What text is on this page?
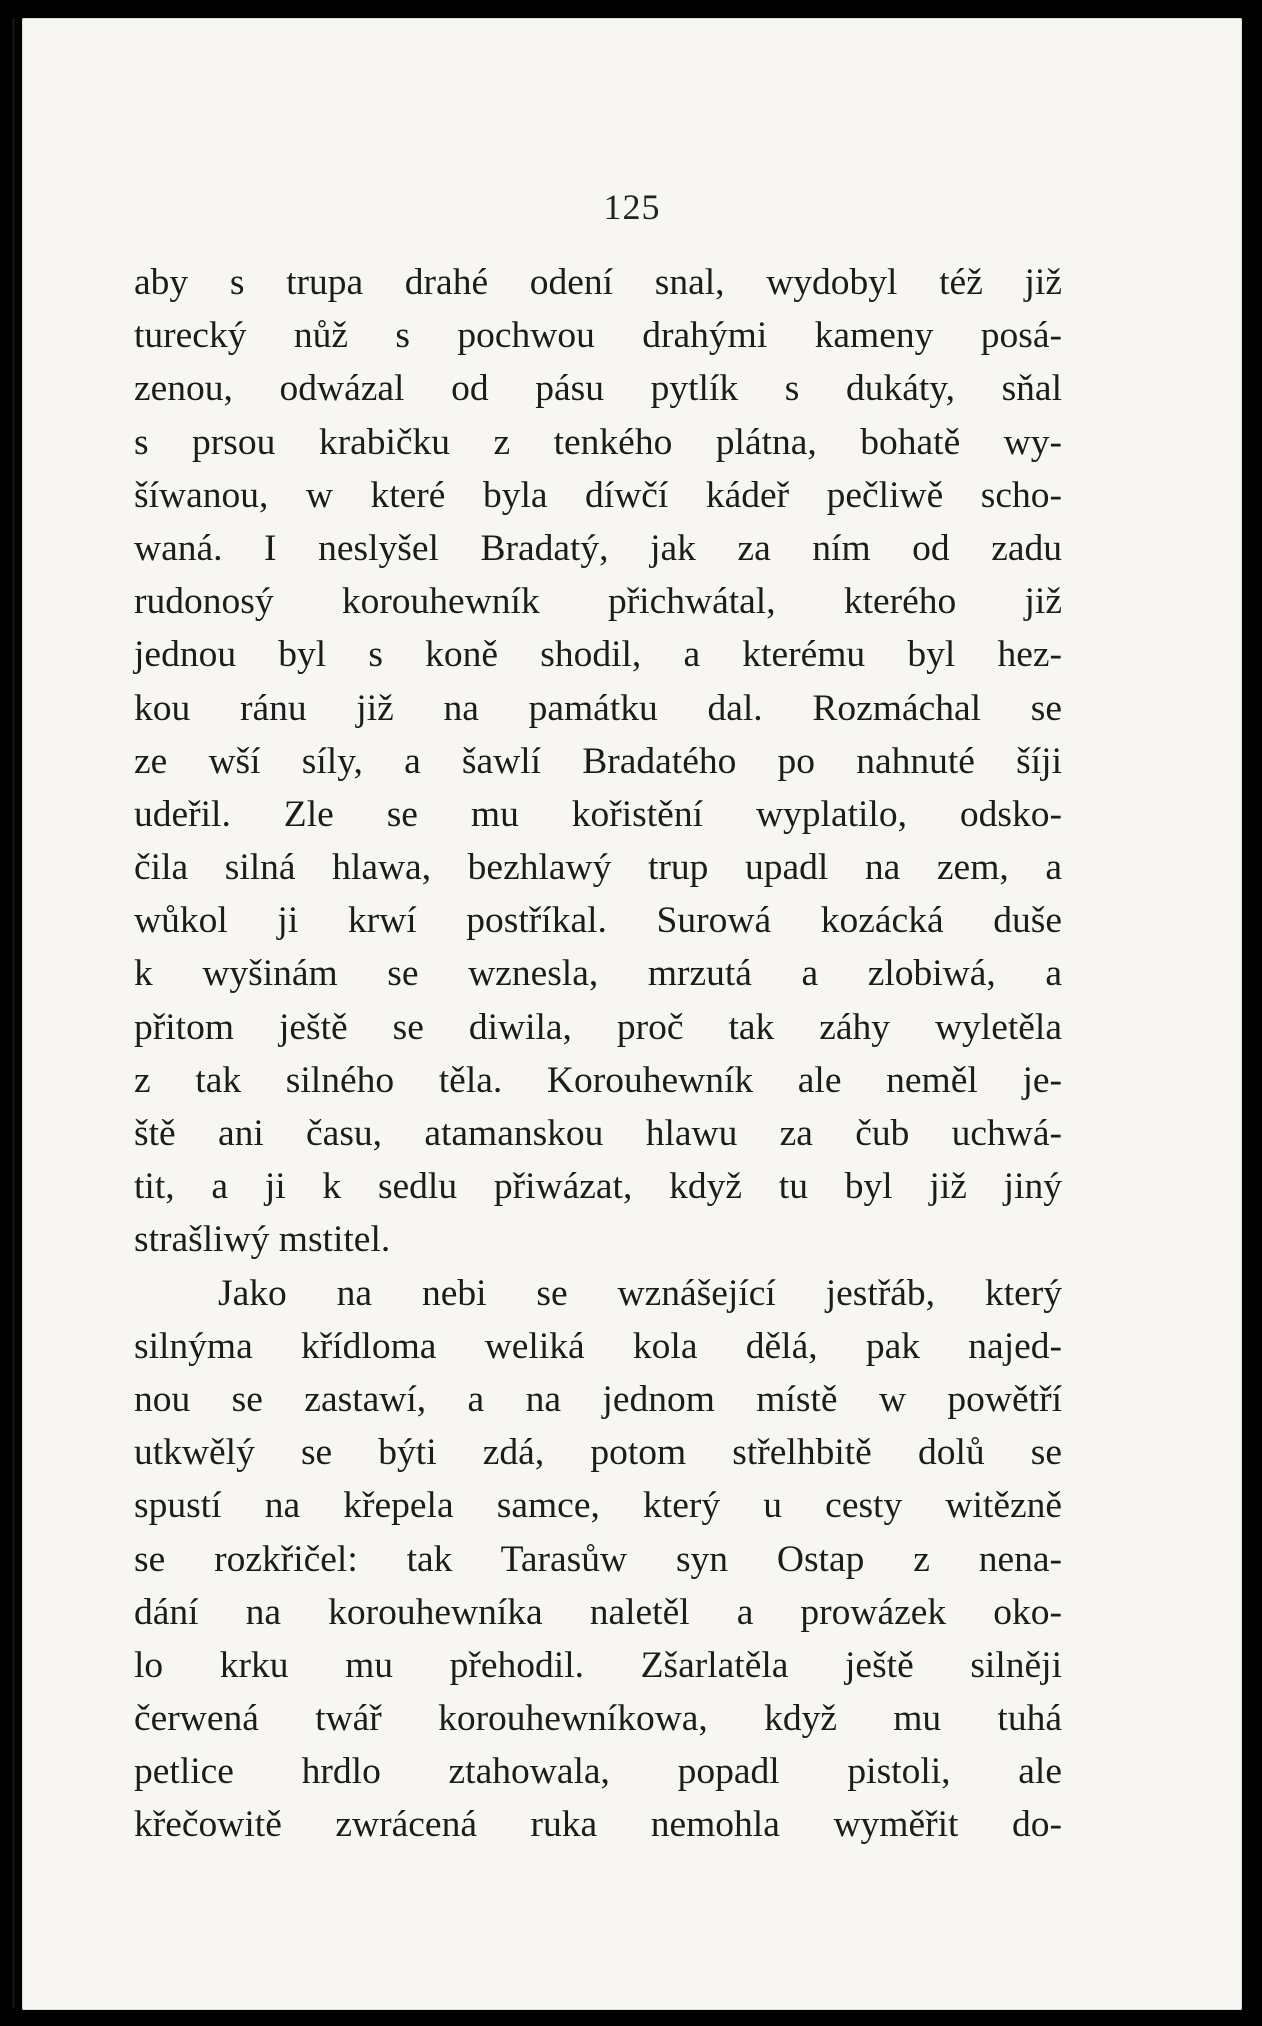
125
aby s trupa drahé odení snal, wydobyl též již
turecký nůž s pochwou drahými kameny posá-
zenou, odwázal od pásu pytlík s dukáty, sňal
s prsou krabičku z tenkého plátna, bohatě wy-
šíwanou, w které byla díwčí kádeř pečliwě scho-
waná. I neslyšel Bradatý, jak za ním od zadu
rudonosý korouhewník přichwátal, kterého již
jednou byl s koně shodil, a kterému byl hez-
kou ránu již na památku dal. Rozmáchal se
ze wší síly, a šawlí Bradatého po nahnuté šíji
udeřil. Zle se mu kořistění wyplatilo, odsko-
čila silná hlawa, bezhlawý trup upadl na zem, a
wůkol ji krwí postříkal. Surowá kozácká duše
k wyšinám se wznesla, mrzutá a zlobiwá, a
přitom ještě se diwila, proč tak záhy wyletěla
z tak silného těla. Korouhewník ale neměl je-
ště ani času, atamanskou hlawu za čub uchwá-
tit, a ji k sedlu přiwázat, když tu byl již jiný
strašliwý mstitel.
Jako na nebi se wznášející jestřáb, který
silnýma křídloma weliká kola dělá, pak najed-
nou se zastawí, a na jednom místě w powětří
utkwělý se býti zdá, potom střelhbitě dolů se
spustí na křepela samce, který u cesty witězně
se rozkřičel: tak Tarasůw syn Ostap z nena-
dání na korouhewníka naletěl a prowázek oko-
lo krku mu přehodil. Zšarlatěla ještě silněji
čerwená twář korouhewníkowa, když mu tuhá
petlice hrdlo ztahowala, popadl pistoli, ale
křečowitě zwrácená ruka nemohla wyměřit do-
